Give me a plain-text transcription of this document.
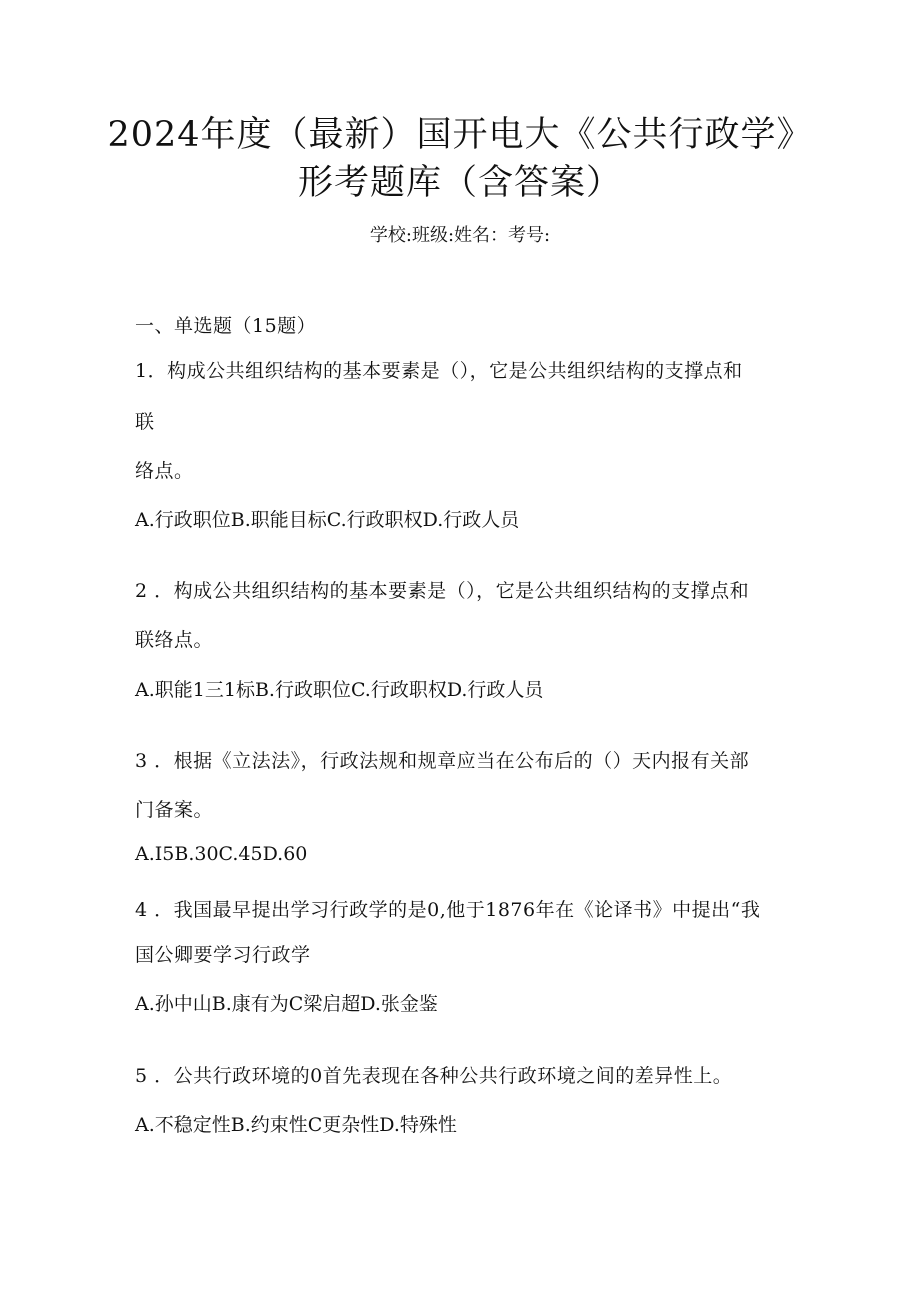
2024年度（最新）国开电大《公共行政学》
形考题库（含答案）
学校:班级:姓名：考号:
一、单选题（15题）
1．构成公共组织结构的基本要素是（），它是公共组织结构的支撑点和
联
络点。
A.行政职位B.职能目标C.行政职权D.行政人员
2 ．构成公共组织结构的基本要素是（），它是公共组织结构的支撑点和
联络点。
A.职能1三1标B.行政职位C.行政职权D.行政人员
3 ．根据《立法法》，行政法规和规章应当在公布后的（）天内报有关部
门备案。
A.I5B.30C.45D.60
4 ．我国最早提出学习行政学的是0,他于1876年在《论译书》中提出“我
国公卿要学习行政学
A.孙中山B.康有为C梁启超D.张金鉴
5 ．公共行政环境的0首先表现在各种公共行政环境之间的差异性上。
A.不稳定性B.约束性C更杂性D.特殊性
